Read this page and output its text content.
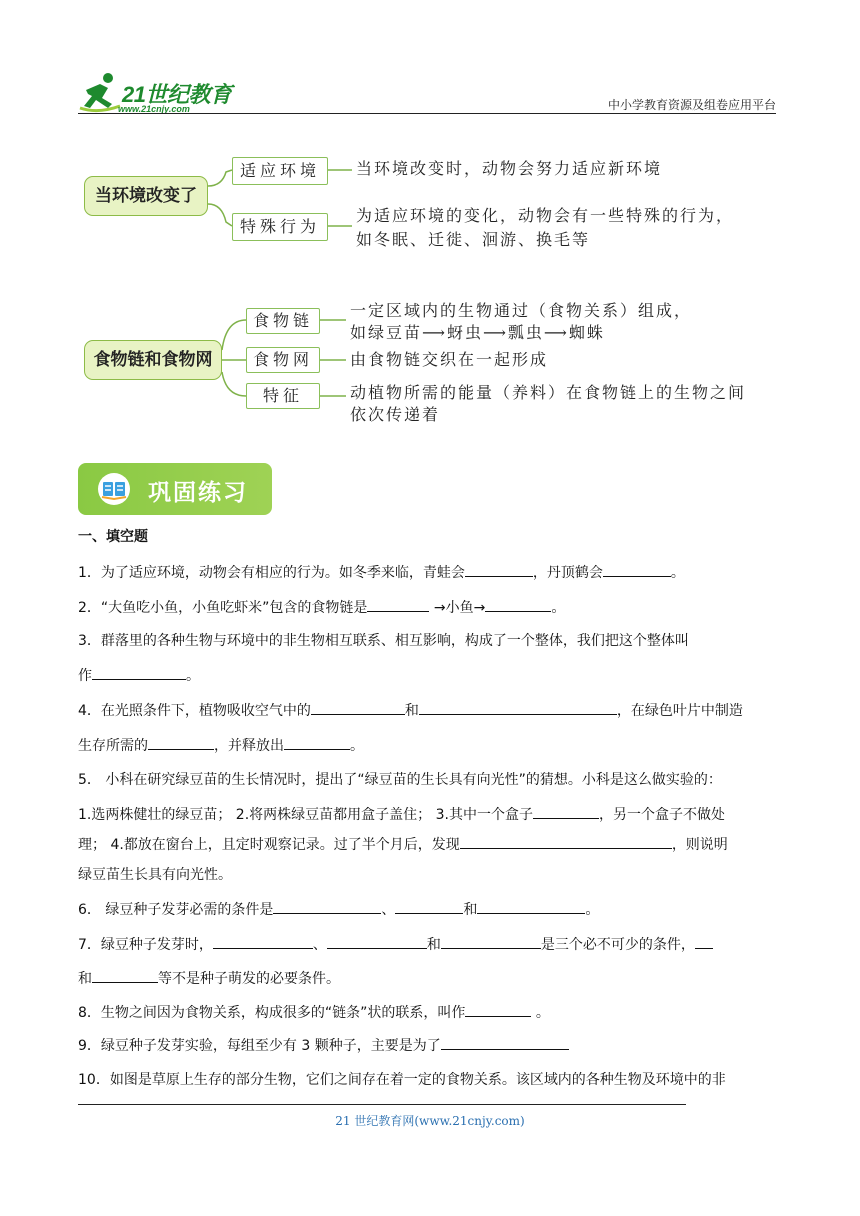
21世纪教育
www.21cnjy.com	中小学教育资源及组卷应用平台
当环境改变了
适应环境
特殊行为
当环境改变时，动物会努力适应新环境
为适应环境的变化，动物会有一些特殊的行为，
如冬眠、迁徙、洄游、换毛等
食物链和食物网
食物链
食物网
特征
一定区域内的生物通过（食物关系）组成，
如绿豆苗⟶蚜虫⟶瓢虫⟶蜘蛛
由食物链交织在一起形成
动植物所需的能量（养料）在食物链上的生物之间
依次传递着
巩固练习
一、填空题
1．为了适应环境，动物会有相应的行为。如冬季来临，青蛙会	，丹顶鹤会	。
2．“大鱼吃小鱼，小鱼吃虾米”包含的食物链是	→小鱼→	。
3．群落里的各种生物与环境中的非生物相互联系、相互影响，构成了一个整体，我们把这个整体叫
作	。
4．在光照条件下，植物吸收空气中的	和	，在绿色叶片中制造
生存所需的	，并释放出	。
5． 小科在研究绿豆苗的生长情况时，提出了“绿豆苗的生长具有向光性”的猜想。小科是这么做实验的：
1.选两株健壮的绿豆苗； 2.将两株绿豆苗都用盒子盖住； 3.其中一个盒子	，另一个盒子不做处
理； 4.都放在窗台上，且定时观察记录。过了半个月后，发现	，则说明
绿豆苗生长具有向光性。
6． 绿豆种子发芽必需的条件是	、	和	。
7．绿豆种子发芽时，	、	和	是三个必不可少的条件，
和	等不是种子萌发的必要条件。
8．生物之间因为食物关系，构成很多的“链条”状的联系，叫作	。
9．绿豆种子发芽实验，每组至少有 3 颗种子，主要是为了
10．如图是草原上生存的部分生物，它们之间存在着一定的食物关系。该区域内的各种生物及环境中的非
21 世纪教育网(www.21cnjy.com)
